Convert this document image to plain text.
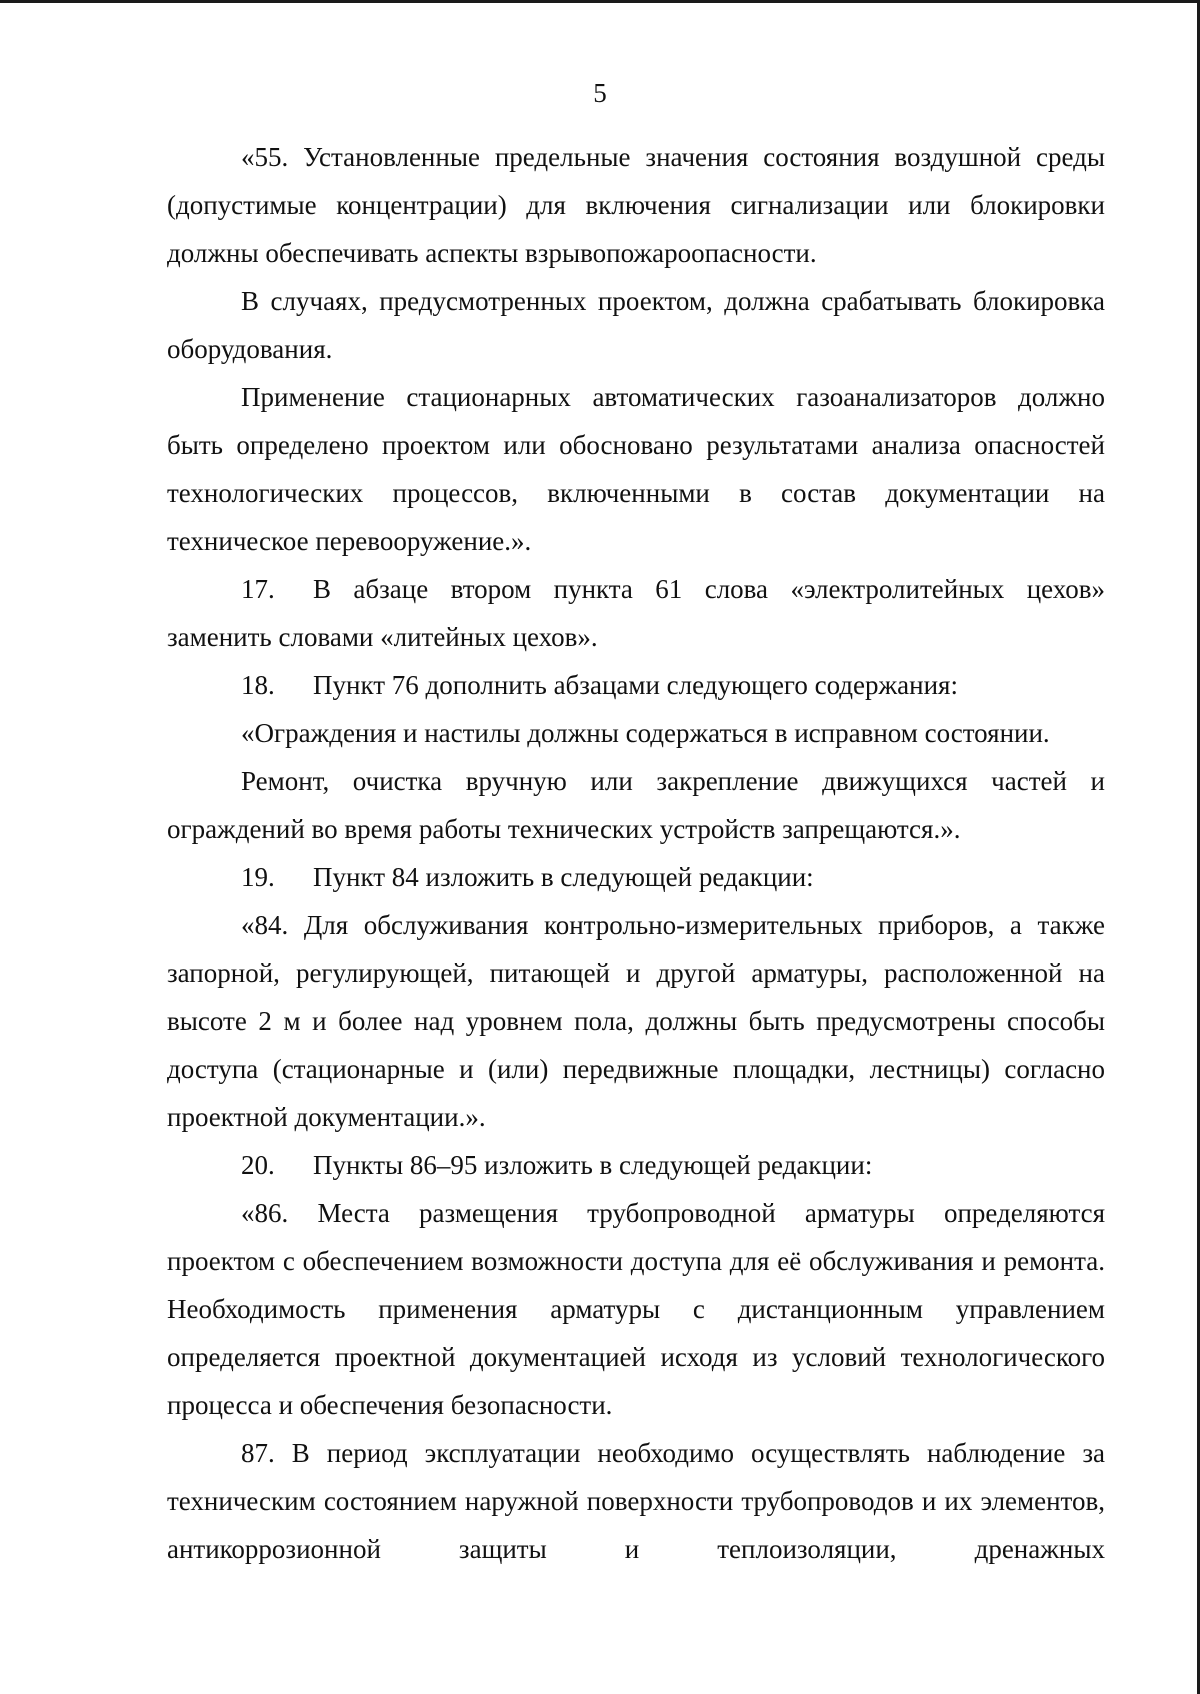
5

«55. Установленные предельные значения состояния воздушной среды (допустимые концентрации) для включения сигнализации или блокировки должны обеспечивать аспекты взрывопожароопасности.

В случаях, предусмотренных проектом, должна срабатывать блокировка оборудования.

Применение стационарных автоматических газоанализаторов должно быть определено проектом или обосновано результатами анализа опасностей технологических процессов, включенными в состав документации на техническое перевооружение.».

17. В абзаце втором пункта 61 слова «электролитейных цехов» заменить словами «литейных цехов».

18. Пункт 76 дополнить абзацами следующего содержания:

«Ограждения и настилы должны содержаться в исправном состоянии.

Ремонт, очистка вручную или закрепление движущихся частей и ограждений во время работы технических устройств запрещаются.».

19. Пункт 84 изложить в следующей редакции:

«84. Для обслуживания контрольно-измерительных приборов, а также запорной, регулирующей, питающей и другой арматуры, расположенной на высоте 2 м и более над уровнем пола, должны быть предусмотрены способы доступа (стационарные и (или) передвижные площадки, лестницы) согласно проектной документации.».

20. Пункты 86–95 изложить в следующей редакции:

«86. Места размещения трубопроводной арматуры определяются проектом с обеспечением возможности доступа для её обслуживания и ремонта. Необходимость применения арматуры с дистанционным управлением определяется проектной документацией исходя из условий технологического процесса и обеспечения безопасности.

87. В период эксплуатации необходимо осуществлять наблюдение за техническим состоянием наружной поверхности трубопроводов и их элементов, антикоррозионной защиты и теплоизоляции, дренажных
